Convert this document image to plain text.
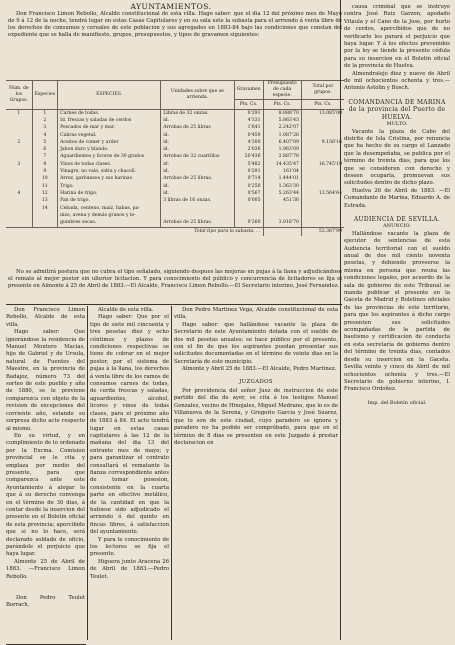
AYUNTAMIENTOS.
Don Francisco Limon Rebollo, Alcalde constitucional de esta villa. Hago saber: que el dia 12 del próximo mes de Mayo de 9 á 12 de la noche, tendrá lugar en estas Casas Capitulares y en su sala este la subasta para el arriendo á venta libre de los derechos de consumos y cereales de este poblacion y sus agregados en 1883-84 bajo las condiciones que constan del expediente que se halla de manifiesto, grupos, presupuestos, y tipos de gravamen siguientes:
Núm. de los Grupos.	Especies	ESPECIES.	Unidades sobre que se arrienda.	Gravamen	Presupuesto de cada especie.	Total por grupos.
				Pts. Cs.	Pts. Cs.	Pts. Cs.
1	1	Carnes de todas.	Libras de 32 onzas.	0'291	8.888'70	13.085'00
	2	Id. frescas y saladas de cerdos	id.	4'331	5.863'43	
	3	Pescados de mar y mar.	Arrobas de 25 libras	1'641	2.242'07	
	4	Cabras vegetal.	id.	0'459	1.087'26	
2	5	Aceites de comer y arder	id.	4'300	6.407'09	9.156'16
	6	Jabon duro y blando.	id.	2'036	1.963'09	
	7	Aguardientes y licores de 30 grados	Arrobas de 32 cuartillos	20'436	2.887'78	
3	8	Vinos de todas clases.	id.	5'482	14.435'47	16.745'19
	9	Vinagre, no vale, sidra y chacolí.	id.	0'291	161'04	
	10	Arroz, garbanzos y sus harinas	Arrobas de 25 libras.	0'714	1.444'01	
	11	Trigo.	id.	0'250	1.363'30	
4	12	Harina de trigo.	id.	0'567	5.263'44	13.564'64
	13	Pan de trigo.	3 libras de 16 onzas.	0'005	451'36	
	14	Cebada, centeno, maíz, habas, pa-				
		nizo, avena y demás granos y le-				
		gumbres secas.	Arrobas de 25 libras.	0'260	3.918'70	
Total tipo para la subasta. . .						53.387'99
No se admitirá postura que no cubra el tipo señalado, siguiendo despues las mejoras en pujas á la llana y adjudicándose el remate al mejor postor sin ulterior licitacion. Y para conocimiento del público y concurrencia de licitadores se fija el presente en Almonte á 25 de Abril de 1883.—El Alcalde, Francisco Limon Rebollo.—El Secretario interino, José Fernandez.

Don Francisco Limon Rebollo, Alcalde de esta villa.

Hago saber: Que ignorándose la residencia de Manuel Montero Macias, hijo de Gabriel y de Ursula, natural de Fuentes del Maestre, en la provincia de Badajoz, número 73 del sorteo de este pueblo y año de 1880, se le previene comparezca con objeto de la revision de excepciones del corriente año, estando su sorpresa dicho acto respecto al mismo.

En su virtud, y en cumplimiento de lo ordenado por la Excma. Comision provincial se le cita y emplaza por medio del presente, para que comparezca ante este Ayuntamiento á alegar lo que á su derecho convenga en el término de 30 dias, á contar desde la insercion del presente en el Boletin oficial de esta provincia; apercibido que si no lo hace, será declarado soldado de oficio, parándole el perjuicio que haya lugar.

Almonte 25 de Abril de 1883. —Francisco Limon Rebollo.

Don Pedro Teulet Borrach,

Alcalde de esta villa.

Hago saber: Que por el tipo de siete mil cincuenta y tres pesetas diez y ocho céntimos y plazos de condiciones respectivas se tiene de cobrar en el mejor postor, por el sistema de pujas á la llana, los derechos á venta libre de los ramos de consumos carnes de todas, de cerda frescas y saladas, aguardientes, alcohol, licores y vinos de todas clases, para el próximo año de 1883 á 84. El acto tendrá lugar en estas casas capitulares á las 12 de la mañana del dia 13 del entrante mes de mayo; y para garantizar el contrato consultará el rematante la fianza correspondiente antes de tomar posesion, consistente en la cuarta parte en efectivo metálico, de la cantidad en que la hubiese sido adjudicado el arriendo ó del quinto en fincas libres, á satisfaccion del ayuntamiento.

Y para le conocimiento de los lectores se fija el presente.

Higuera junto Aracena 26 de Abril de 1883.—Pedro Teulet.

Don Pedro Martinez Vega, Alcalde constitucional de esta villa.

Hago saber: que hallándose vacante la plaza de Secretario de este Ayuntamiento dotada con el sueldo de dos mil pesetas anuales; se hace público por el presente, con el fin de que los aspirantes puedan presentar sus solicitudes documentadas en el término de veinte dias en la Secretaría de este municipio.

Almonte y Abril 25 de 1883.—El Alcalde, Pedro Martinez.

JUZGADOS

Por providencia del señor Juez de instruccion de este partido del dia de ayer, se cita á los testigos Manuel Gonzalez, vecino de Hinojales, Miguel Medrano, que lo es de Villanueva de la Serena, y Gregorio Garcia y José Suarez, que lo son de este ciudad, cuyo paradero se ignora y paradero no ha podido ser compróbado, para que en el término de 8 dias se presenten en este Juzgado á prestar declaracion en

causa criminal que se instruye contra José Ruiz Garzon, apodado Vitaula y el Cano de la Jose, por hurto de cerdos, apercibidos que de no verificarlo les parará el perjuicio que haya lugar. Y á los efectos prevenidos por la ley se tiende la presente cédula para su insercion en el Boletin oficial de la provincia de Huelva.

Almendralejo diez y nueve de Abril de mil ochocientos ochenta y tres.—Antonio Astolin y Bosch.

COMANDANCIA DE MARINA de la provincia del Puerto de HUELVA.

MULTO.

Vacante la plaza de Cabo del distrito de Isla Cristina, por renuncia que ha hecho de su cargo el Lanzado que la desempeñaba, se publica por el término de treinta dias, para que los que se consideren con derecho y deseen ocuparla, promuevan sus solicitudes dentro de dicho plazo.

Huelva 26 de Abril de 1883. —El Comandante de Marina, Eduardo A. de Estrada.

AUDIENCIA DE SEVILLA.

ANUNCIO.

Hallándose vacante la plaza de ejecutor de sentencias de esta Audiencia territorial con el sueldo anual de dos mil ciento noventa pesetas, y debiendo proveerse la misma en persona que reuna las condiciones legales, por acuerdo de la sala de gobierno de este Tribunal se manda publicar el presente en la Gaceta de Madrid y Boletines oficiales de las provincias de este territorio, para que los aspirantes á dicho cargo presenten sus solicitudes acompañadas de la partida de bautismo y certificacion de conducta en esta secretaría de gobierno dentro del término de treinta dias, contados desde su insercion en la Gaceta. Sevilla veinte y cinco de Abril de mil ochocientos ochenta y tres.—El Secretario de gobierno interino, I. Francisco Ordoñez.

Imp. del Boletín oficial.
